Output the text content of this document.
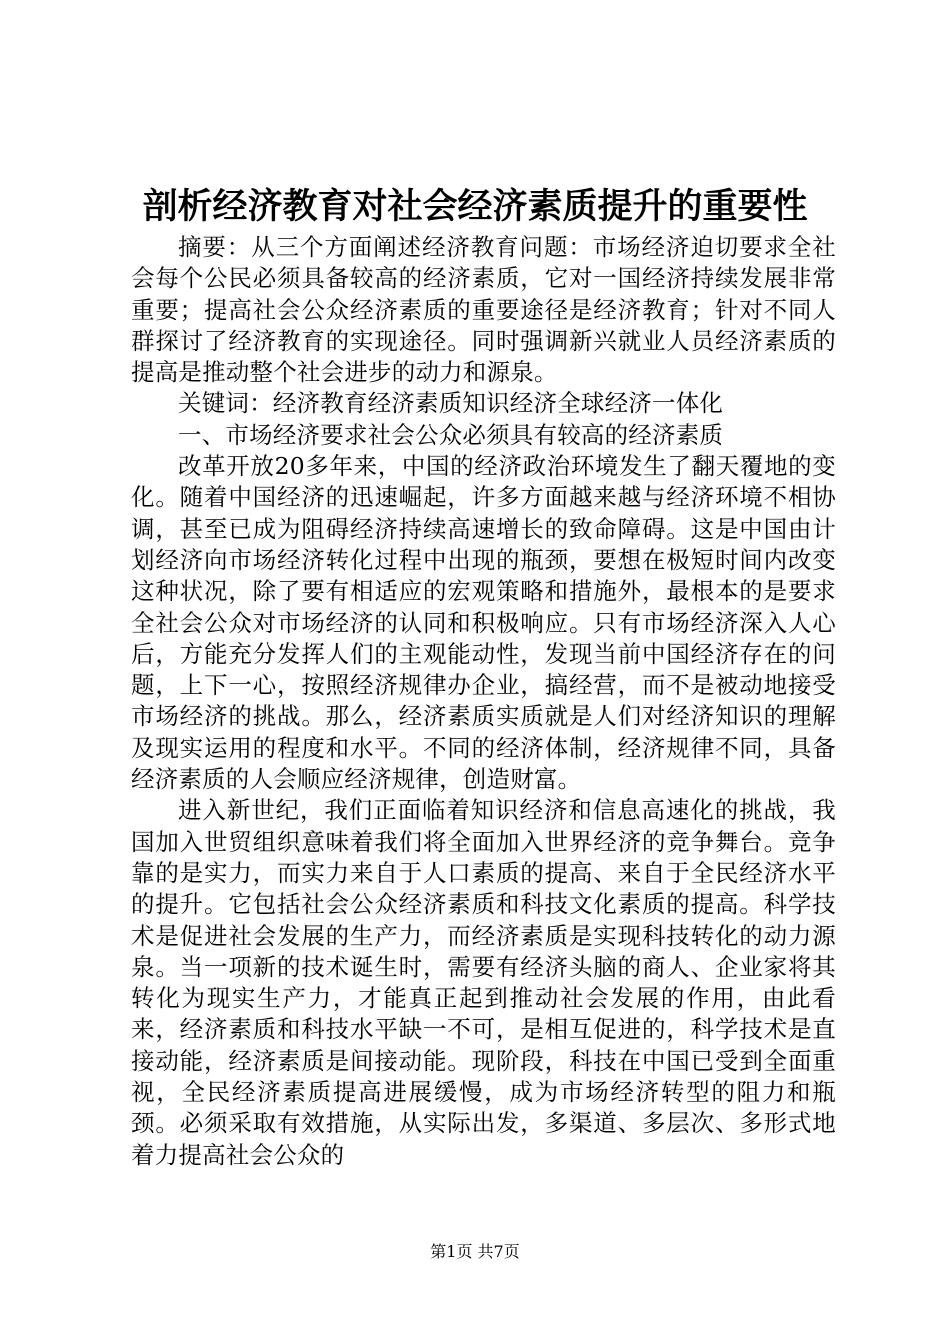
剖析经济教育对社会经济素质提升的重要性

摘要：从三个方面阐述经济教育问题：市场经济迫切要求全社会每个公民必须具备较高的经济素质，它对一国经济持续发展非常重要；提高社会公众经济素质的重要途径是经济教育；针对不同人群探讨了经济教育的实现途径。同时强调新兴就业人员经济素质的提高是推动整个社会进步的动力和源泉。

关键词：经济教育经济素质知识经济全球经济一体化

一、市场经济要求社会公众必须具有较高的经济素质

改革开放20多年来，中国的经济政治环境发生了翻天覆地的变化。随着中国经济的迅速崛起，许多方面越来越与经济环境不相协调，甚至已成为阻碍经济持续高速增长的致命障碍。这是中国由计划经济向市场经济转化过程中出现的瓶颈，要想在极短时间内改变这种状况，除了要有相适应的宏观策略和措施外，最根本的是要求全社会公众对市场经济的认同和积极响应。只有市场经济深入人心后，方能充分发挥人们的主观能动性，发现当前中国经济存在的问题，上下一心，按照经济规律办企业，搞经营，而不是被动地接受市场经济的挑战。那么，经济素质实质就是人们对经济知识的理解及现实运用的程度和水平。不同的经济体制，经济规律不同，具备经济素质的人会顺应经济规律，创造财富。

进入新世纪，我们正面临着知识经济和信息高速化的挑战，我国加入世贸组织意味着我们将全面加入世界经济的竞争舞台。竞争靠的是实力，而实力来自于人口素质的提高、来自于全民经济水平的提升。它包括社会公众经济素质和科技文化素质的提高。科学技术是促进社会发展的生产力，而经济素质是实现科技转化的动力源泉。当一项新的技术诞生时，需要有经济头脑的商人、企业家将其转化为现实生产力，才能真正起到推动社会发展的作用，由此看来，经济素质和科技水平缺一不可，是相互促进的，科学技术是直接动能，经济素质是间接动能。现阶段，科技在中国已受到全面重视，全民经济素质提高进展缓慢，成为市场经济转型的阻力和瓶颈。必须采取有效措施，从实际出发，多渠道、多层次、多形式地着力提高社会公众的

第1页 共7页
